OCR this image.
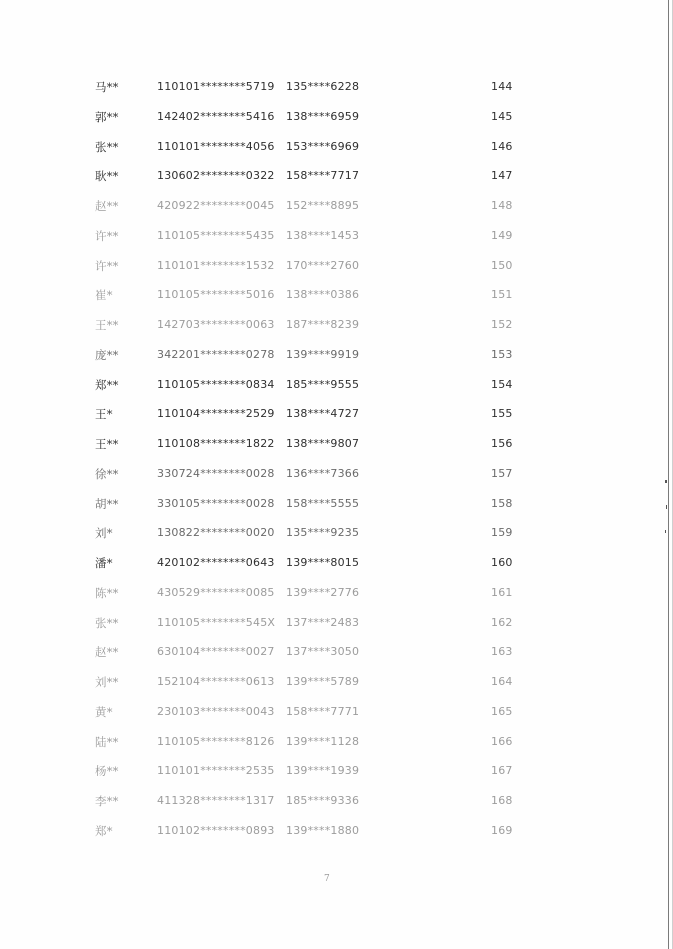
马**	110101********5719 135****6228	144
郭**	142402********5416 138****6959	145
张**	110101********4056 153****6969	146
耿**	130602********0322 158****7717	147
赵**	420922********0045 152****8895	148
许**	110105********5435 138****1453	149
许**	110101********1532 170****2760	150
崔*	110105********5016 138****0386	151
王**	142703********0063 187****8239	152
庞**	342201********0278 139****9919	153
郑**	110105********0834 185****9555	154
王*	110104********2529 138****4727	155
王**	110108********1822 138****9807	156
徐**	330724********0028 136****7366	157
胡**	330105********0028 158****5555	158
刘*	130822********0020 135****9235	159
潘*	420102********0643 139****8015	160
陈**	430529********0085 139****2776	161
张**	110105********545X 137****2483	162
赵**	630104********0027 137****3050	163
刘**	152104********0613 139****5789	164
黄*	230103********0043 158****7771	165
陆**	110105********8126 139****1128	166
杨**	110101********2535 139****1939	167
李**	411328********1317 185****9336	168
郑*	110102********0893 139****1880	169
7
